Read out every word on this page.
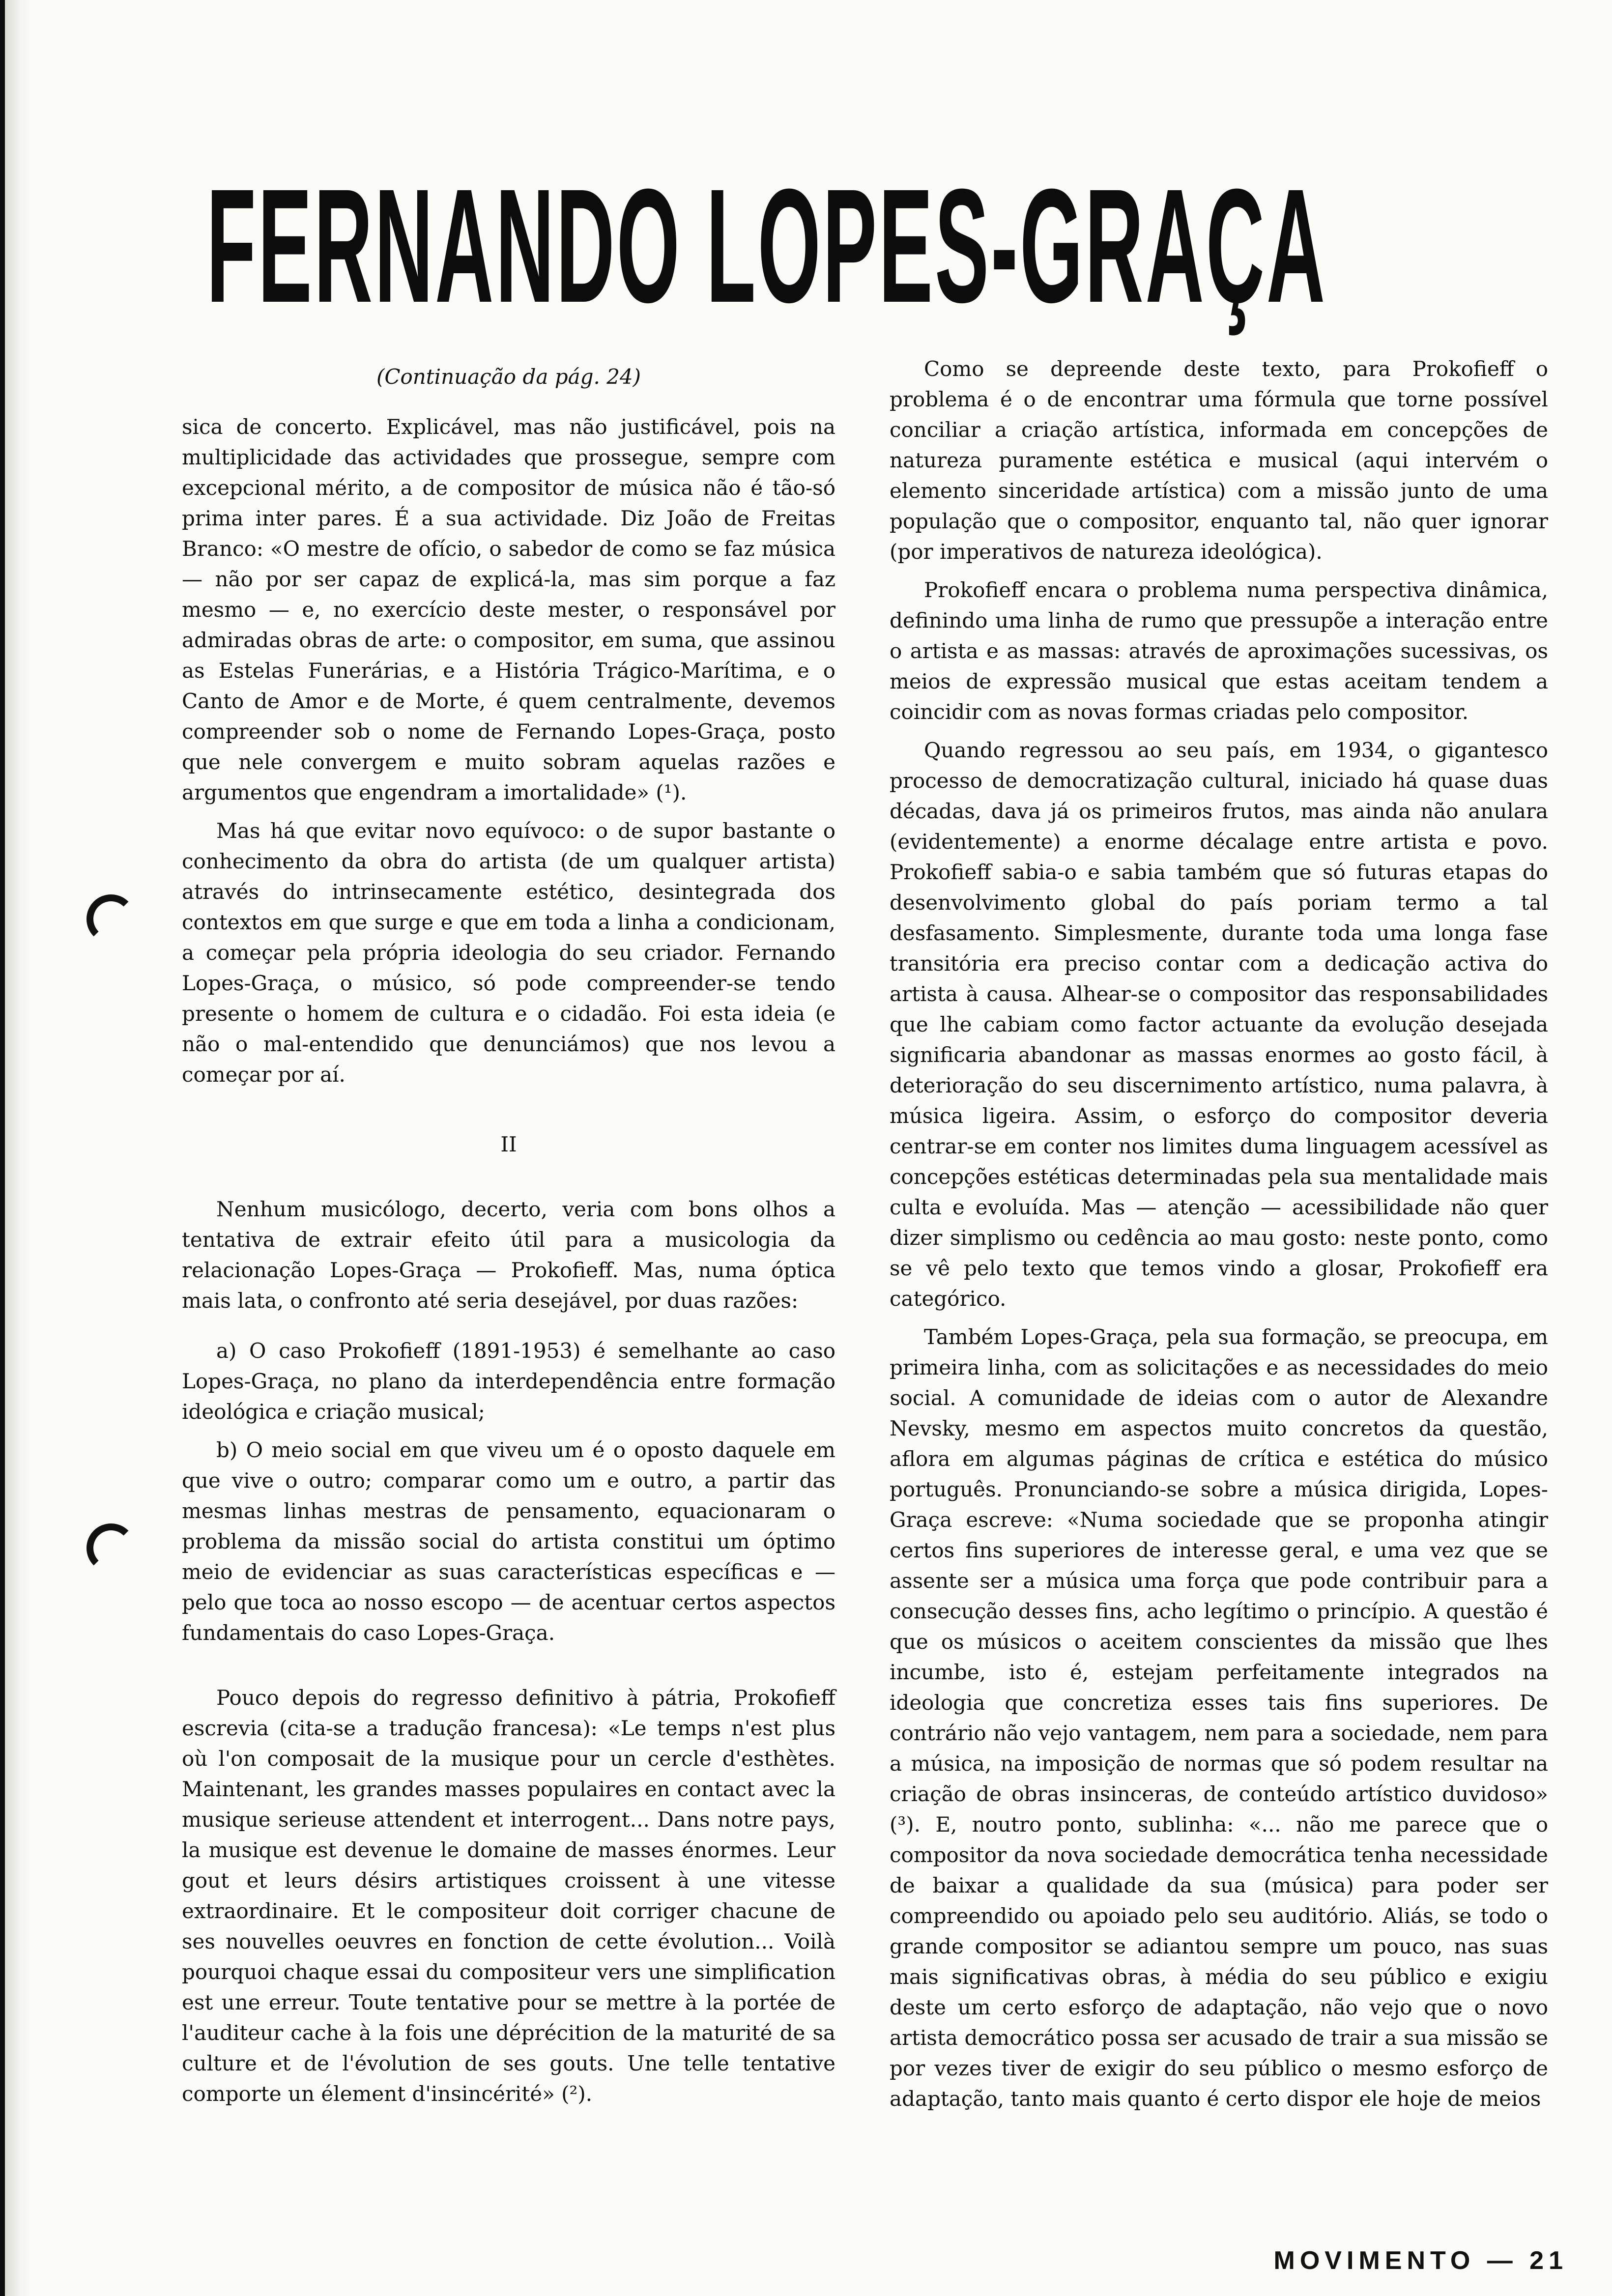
FERNANDO LOPES-GRAÇA

(Continuação da pág. 24)

sica de concerto. Explicável, mas não justificável, pois na multiplicidade das actividades que prossegue, sempre com excepcional mérito, a de compositor de música não é tão-só prima inter pares. É a sua actividade. Diz João de Freitas Branco: «O mestre de ofício, o sabedor de como se faz música — não por ser capaz de explicá-la, mas sim porque a faz mesmo — e, no exercício deste mester, o responsável por admiradas obras de arte: o compositor, em suma, que assinou as Estelas Funerárias, e a História Trágico-Marítima, e o Canto de Amor e de Morte, é quem centralmente, devemos compreender sob o nome de Fernando Lopes-Graça, posto que nele convergem e muito sobram aquelas razões e argumentos que engendram a imortalidade» (¹).

Mas há que evitar novo equívoco: o de supor bastante o conhecimento da obra do artista (de um qualquer artista) através do intrinsecamente estético, desintegrada dos contextos em que surge e que em toda a linha a condicionam, a começar pela própria ideologia do seu criador. Fernando Lopes-Graça, o músico, só pode compreender-se tendo presente o homem de cultura e o cidadão. Foi esta ideia (e não o mal-entendido que denunciámos) que nos levou a começar por aí.

II

Nenhum musicólogo, decerto, veria com bons olhos a tentativa de extrair efeito útil para a musicologia da relacionação Lopes-Graça — Prokofieff. Mas, numa óptica mais lata, o confronto até seria desejável, por duas razões:

a) O caso Prokofieff (1891-1953) é semelhante ao caso Lopes-Graça, no plano da interdependência entre formação ideológica e criação musical;

b) O meio social em que viveu um é o oposto daquele em que vive o outro; comparar como um e outro, a partir das mesmas linhas mestras de pensamento, equacionaram o problema da missão social do artista constitui um óptimo meio de evidenciar as suas características específicas e — pelo que toca ao nosso escopo — de acentuar certos aspectos fundamentais do caso Lopes-Graça.

Pouco depois do regresso definitivo à pátria, Prokofieff escrevia (cita-se a tradução francesa): «Le temps n'est plus où l'on composait de la musique pour un cercle d'esthètes. Maintenant, les grandes masses populaires en contact avec la musique serieuse attendent et interrogent... Dans notre pays, la musique est devenue le domaine de masses énormes. Leur gout et leurs désirs artistiques croissent à une vitesse extraordinaire. Et le compositeur doit corriger chacune de ses nouvelles oeuvres en fonction de cette évolution... Voilà pourquoi chaque essai du compositeur vers une simplification est une erreur. Toute tentative pour se mettre à la portée de l'auditeur cache à la fois une déprécition de la maturité de sa culture et de l'évolution de ses gouts. Une telle tentative comporte un élement d'insincérité» (²).

Como se depreende deste texto, para Prokofieff o problema é o de encontrar uma fórmula que torne possível conciliar a criação artística, informada em concepções de natureza puramente estética e musical (aqui intervém o elemento sinceridade artística) com a missão junto de uma população que o compositor, enquanto tal, não quer ignorar (por imperativos de natureza ideológica).

Prokofieff encara o problema numa perspectiva dinâmica, definindo uma linha de rumo que pressupõe a interação entre o artista e as massas: através de aproximações sucessivas, os meios de expressão musical que estas aceitam tendem a coincidir com as novas formas criadas pelo compositor.

Quando regressou ao seu país, em 1934, o gigantesco processo de democratização cultural, iniciado há quase duas décadas, dava já os primeiros frutos, mas ainda não anulara (evidentemente) a enorme décalage entre artista e povo. Prokofieff sabia-o e sabia também que só futuras etapas do desenvolvimento global do país poriam termo a tal desfasamento. Simplesmente, durante toda uma longa fase transitória era preciso contar com a dedicação activa do artista à causa. Alhear-se o compositor das responsabilidades que lhe cabiam como factor actuante da evolução desejada significaria abandonar as massas enormes ao gosto fácil, à deterioração do seu discernimento artístico, numa palavra, à música ligeira. Assim, o esforço do compositor deveria centrar-se em conter nos limites duma linguagem acessível as concepções estéticas determinadas pela sua mentalidade mais culta e evoluída. Mas — atenção — acessibilidade não quer dizer simplismo ou cedência ao mau gosto: neste ponto, como se vê pelo texto que temos vindo a glosar, Prokofieff era categórico.

Também Lopes-Graça, pela sua formação, se preocupa, em primeira linha, com as solicitações e as necessidades do meio social. A comunidade de ideias com o autor de Alexandre Nevsky, mesmo em aspectos muito concretos da questão, aflora em algumas páginas de crítica e estética do músico português. Pronunciando-se sobre a música dirigida, Lopes-Graça escreve: «Numa sociedade que se proponha atingir certos fins superiores de interesse geral, e uma vez que se assente ser a música uma força que pode contribuir para a consecução desses fins, acho legítimo o princípio. A questão é que os músicos o aceitem conscientes da missão que lhes incumbe, isto é, estejam perfeitamente integrados na ideologia que concretiza esses tais fins superiores. De contrário não vejo vantagem, nem para a sociedade, nem para a música, na imposição de normas que só podem resultar na criação de obras insinceras, de conteúdo artístico duvidoso» (³). E, noutro ponto, sublinha: «... não me parece que o compositor da nova sociedade democrática tenha necessidade de baixar a qualidade da sua (música) para poder ser compreendido ou apoiado pelo seu auditório. Aliás, se todo o grande compositor se adiantou sempre um pouco, nas suas mais significativas obras, à média do seu público e exigiu deste um certo esforço de adaptação, não vejo que o novo artista democrático possa ser acusado de trair a sua missão se por vezes tiver de exigir do seu público o mesmo esforço de adaptação, tanto mais quanto é certo dispor ele hoje de meios

MOVIMENTO — 21
